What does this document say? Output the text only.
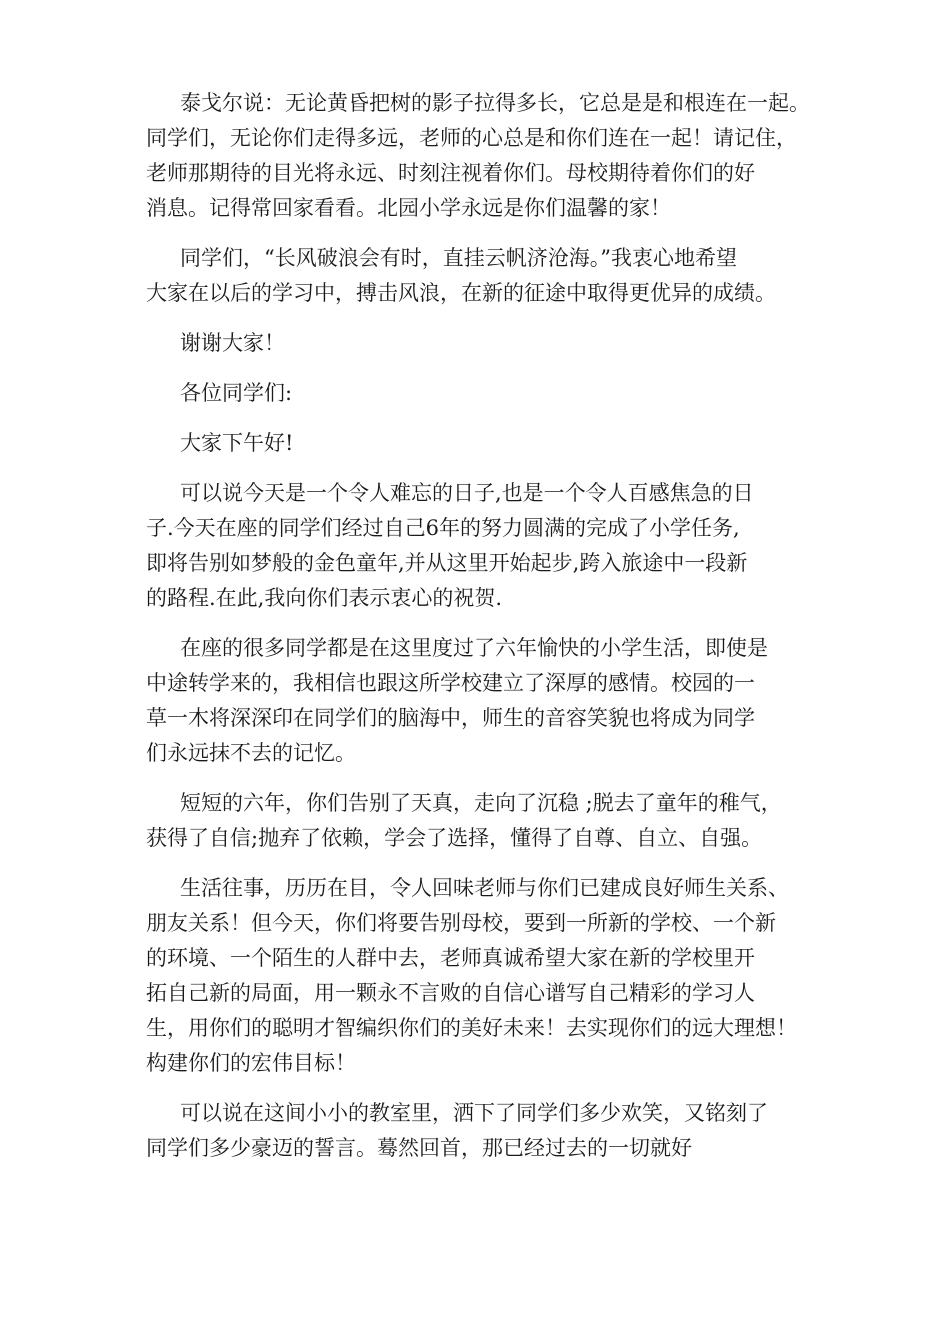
泰戈尔说：无论黄昏把树的影子拉得多长，它总是是和根连在一起。
同学们，无论你们走得多远，老师的心总是和你们连在一起！请记住，
老师那期待的目光将永远、时刻注视着你们。母校期待着你们的好
消息。记得常回家看看。北园小学永远是你们温馨的家！
同学们，“长风破浪会有时，直挂云帆济沧海。”我衷心地希望
大家在以后的学习中，搏击风浪，在新的征途中取得更优异的成绩。
谢谢大家！
各位同学们:
大家下午好!
可以说今天是一个令人难忘的日子,也是一个令人百感焦急的日
子.今天在座的同学们经过自己6年的努力圆满的完成了小学任务,
即将告别如梦般的金色童年,并从这里开始起步,跨入旅途中一段新
的路程.在此,我向你们表示衷心的祝贺.
在座的很多同学都是在这里度过了六年愉快的小学生活，即使是
中途转学来的，我相信也跟这所学校建立了深厚的感情。校园的一
草一木将深深印在同学们的脑海中，师生的音容笑貌也将成为同学
们永远抹不去的记忆。
短短的六年，你们告别了天真，走向了沉稳 ;脱去了童年的稚气，
获得了自信;抛弃了依赖，学会了选择，懂得了自尊、自立、自强。
生活往事，历历在目，令人回味老师与你们已建成良好师生关系、
朋友关系！但今天，你们将要告别母校，要到一所新的学校、一个新
的环境、一个陌生的人群中去，老师真诚希望大家在新的学校里开
拓自己新的局面，用一颗永不言败的自信心谱写自己精彩的学习人
生，用你们的聪明才智编织你们的美好未来！去实现你们的远大理想！
构建你们的宏伟目标！
可以说在这间小小的教室里，洒下了同学们多少欢笑，又铭刻了
同学们多少豪迈的誓言。蓦然回首，那已经过去的一切就好
